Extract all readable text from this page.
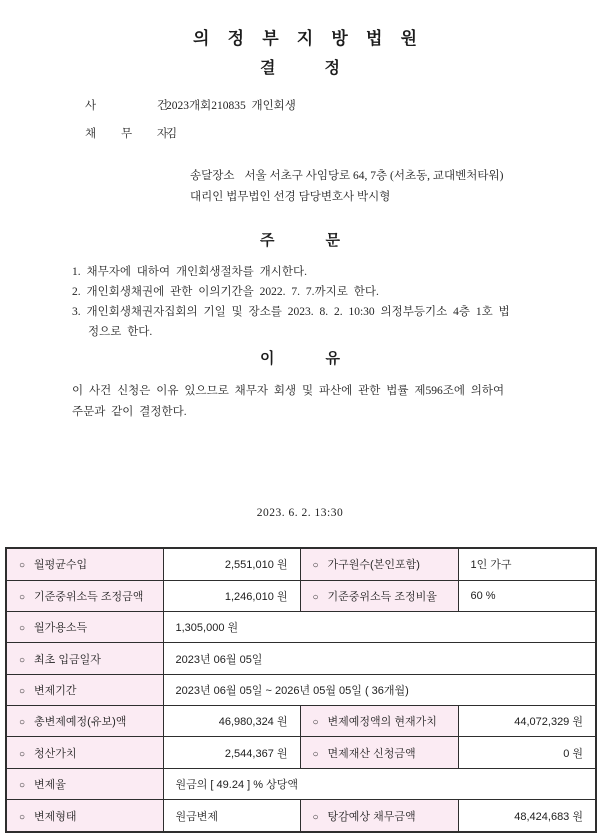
의 정 부 지 방 법 원
결 정
사 건
2023개회210835  개인회생
채 무 자
김
송달장소 서울 서초구 사임당로 64, 7층 (서초동, 교대벤처타워)
대리인 법무법인 선경 담당변호사 박시형
주 문
1. 채무자에 대하여 개인회생절차를 개시한다.
2. 개인회생채권에 관한 이의기간을 2022. 7. 7.까지로 한다.
3. 개인회생채권자집회의 기일 및 장소를 2023. 8. 2. 10:30 의정부등기소 4층 1호 법정으로 한다.
이 유
이 사건 신청은 이유 있으므로 채무자 회생 및 파산에 관한 법률 제596조에 의하여 주문과 같이 결정한다.
2023. 6. 2. 13:30
○ 월평균수입	2,551,010 원	○ 가구원수(본인포함)	1인 가구
○ 기준중위소득 조정금액	1,246,010 원	○ 기준중위소득 조정비율	60 %
○ 월가용소득	1,305,000 원		
○ 최초 입금일자	2023년 06월 05일		
○ 변제기간	2023년 06월 05일 ~ 2026년 05월 05일 ( 36개월)		
○ 총변제예정(유보)액	46,980,324 원	○ 변제예정액의 현재가치	44,072,329 원
○ 청산가치	2,544,367 원	○ 면제재산 신청금액	0 원
○ 변제율	원금의 [ 49.24 ] % 상당액		
○ 변제형태	원금변제	○ 탕감예상 채무금액	48,424,683 원
